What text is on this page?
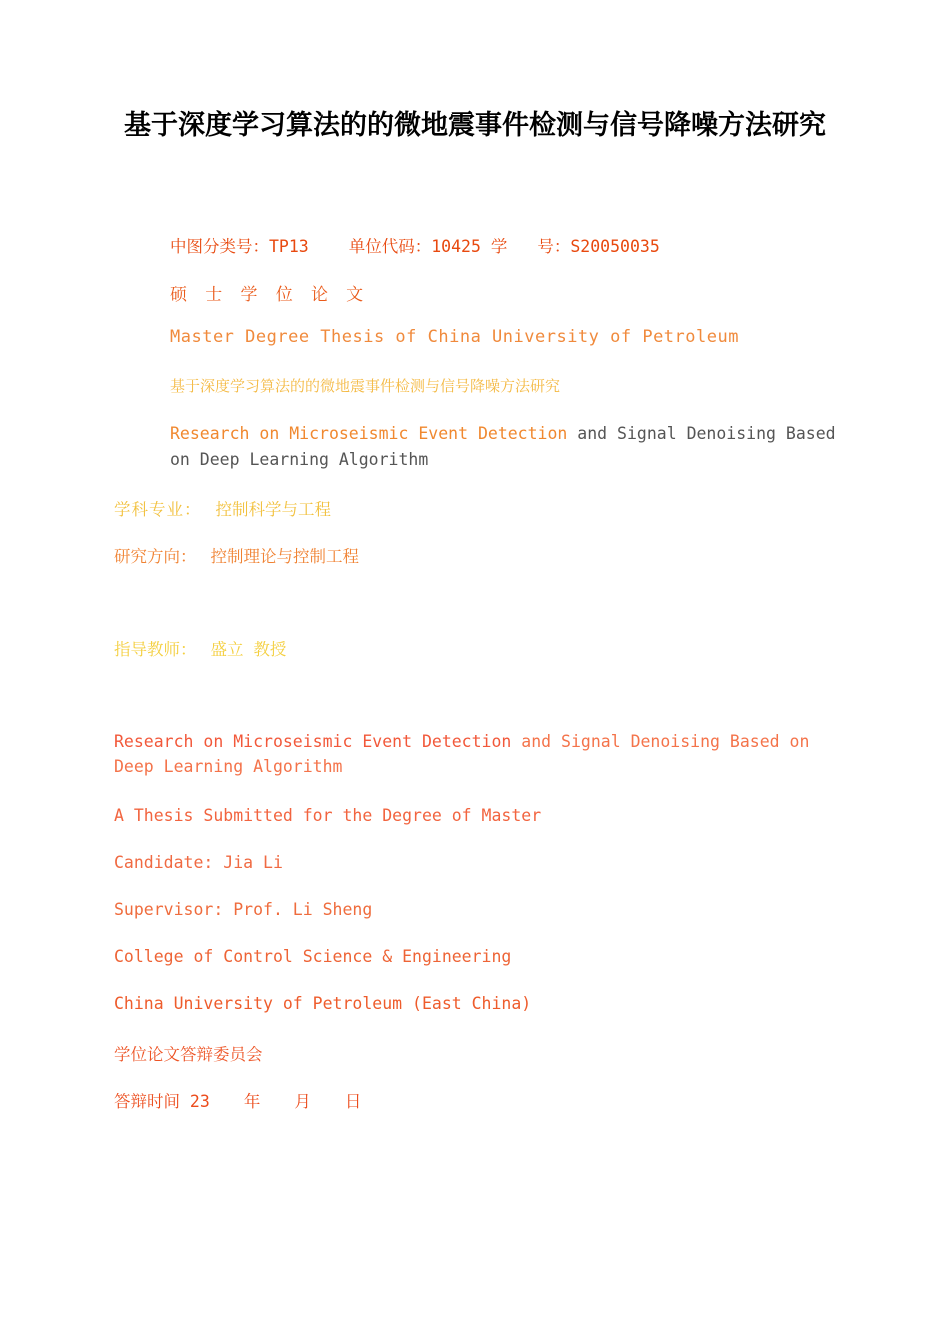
基于深度学习算法的的微地震事件检测与信号降噪方法研究
中图分类号：TP13 单位代码：10425 学 号：S20050035
硕 士 学 位 论 文
Master Degree Thesis of China University of Petroleum
基于深度学习算法的的微地震事件检测与信号降噪方法研究
Research on Microseismic Event Detection and Signal Denoising Based on Deep Learning Algorithm
学科专业： 控制科学与工程
研究方向： 控制理论与控制工程
指导教师： 盛立 教授
Research on Microseismic Event Detection and Signal Denoising Based on Deep Learning Algorithm
A Thesis Submitted for the Degree of Master
Candidate: Jia Li
Supervisor: Prof. Li Sheng
College of Control Science & Engineering
China University of Petroleum (East China)
学位论文答辩委员会
答辩时间 23 年 月 日
